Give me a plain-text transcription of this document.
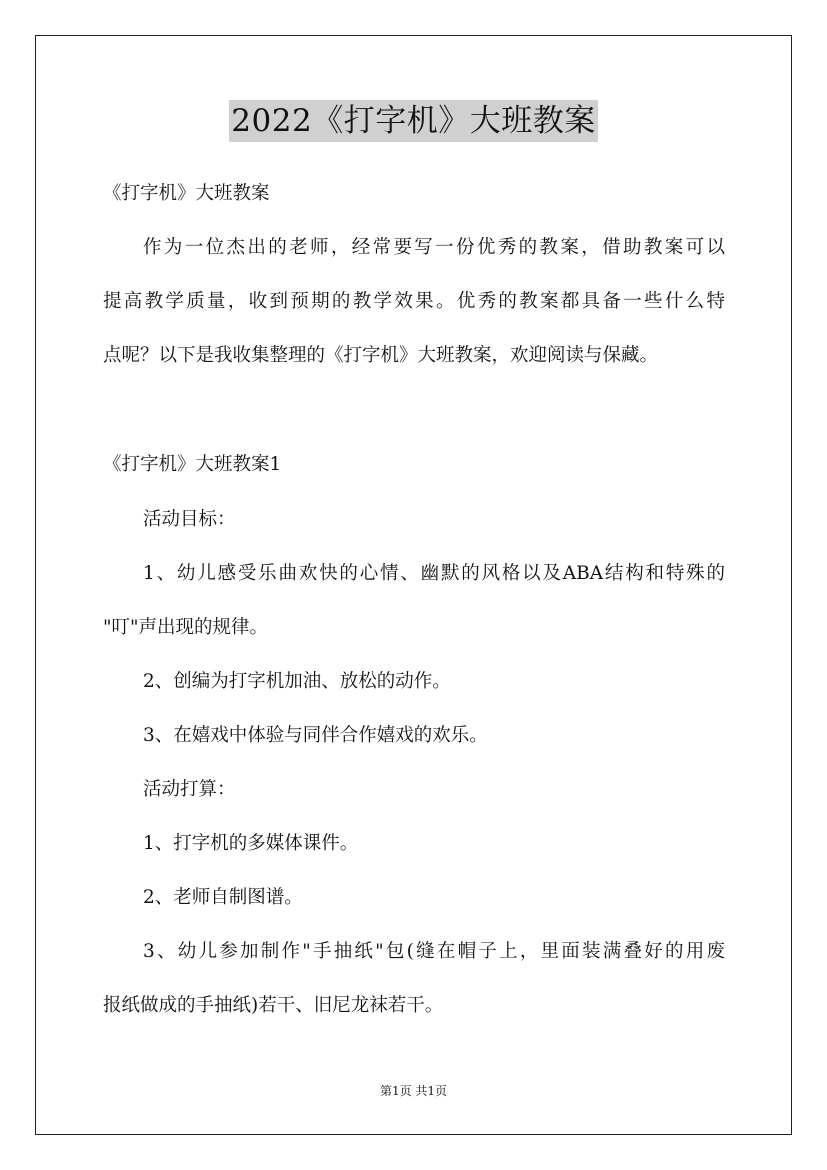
2022《打字机》大班教案
《打字机》大班教案
作为一位杰出的老师，经常要写一份优秀的教案，借助教案可以
提高教学质量，收到预期的教学效果。优秀的教案都具备一些什么特
点呢？以下是我收集整理的《打字机》大班教案，欢迎阅读与保藏。
《打字机》大班教案1
活动目标：
1、幼儿感受乐曲欢快的心情、幽默的风格以及ABA结构和特殊的
"叮"声出现的规律。
2、创编为打字机加油、放松的动作。
3、在嬉戏中体验与同伴合作嬉戏的欢乐。
活动打算：
1、打字机的多媒体课件。
2、老师自制图谱。
3、幼儿参加制作"手抽纸"包(缝在帽子上，里面装满叠好的用废
报纸做成的手抽纸)若干、旧尼龙袜若干。
第1页 共1页
